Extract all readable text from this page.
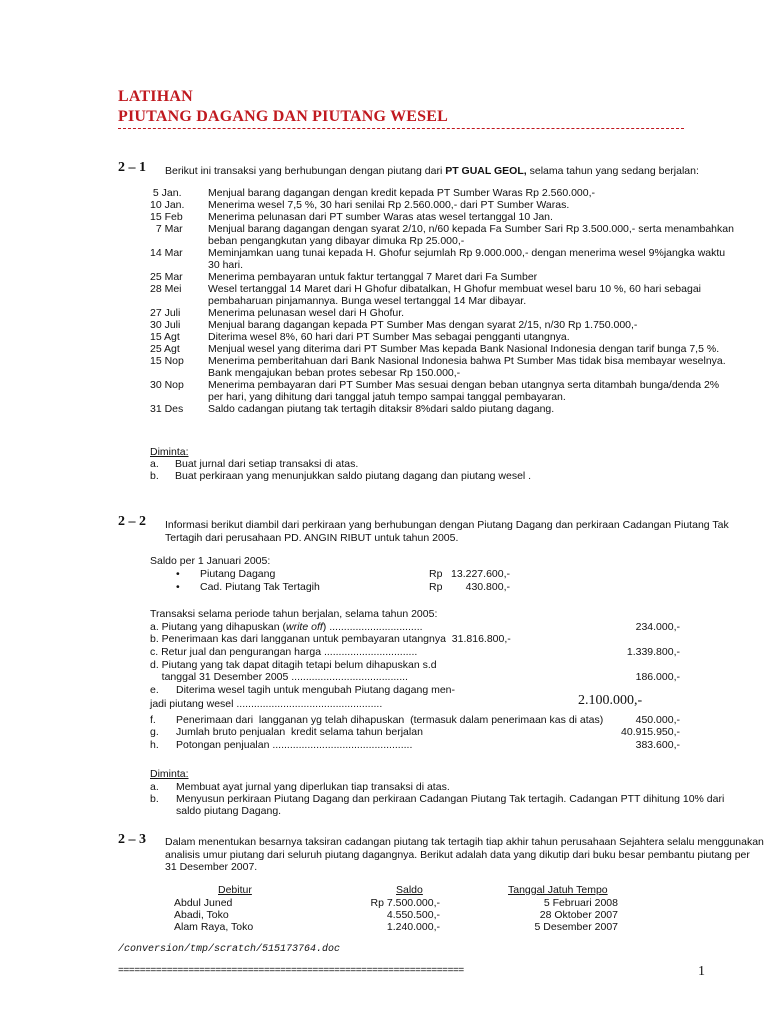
LATIHAN
PIUTANG DAGANG DAN PIUTANG WESEL
2 – 1 Berikut ini transaksi yang berhubungan dengan piutang dari PT GUAL GEOL, selama tahun yang sedang berjalan:
5 Jan.	Menjual barang dagangan dengan kredit kepada PT Sumber Waras Rp 2.560.000,-
10 Jan. Menerima wesel 7,5 %, 30 hari senilai Rp 2.560.000,- dari PT Sumber Waras.
15 Feb Menerima pelunasan dari PT sumber Waras atas wesel tertanggal 10 Jan.
7 Mar Menjual barang dagangan dengan syarat 2/10, n/60 kepada Fa Sumber Sari Rp 3.500.000,- serta menambahkan
beban pengangkutan yang dibayar dimuka Rp 25.000,-
14 Mar Meminjamkan uang tunai kepada H. Ghofur sejumlah Rp 9.000.000,- dengan menerima wesel 9%jangka waktu
30 hari.
25 Mar Menerima pembayaran untuk faktur tertanggal 7 Maret dari Fa Sumber
28 Mei	Wesel tertanggal 14 Maret dari H Ghofur dibatalkan, H Ghofur membuat wesel baru 10 %, 60 hari sebagai
pembaharuan pinjamannya. Bunga wesel tertanggal 14 Mar dibayar.
27 Juli	Menerima pelunasan wesel dari H Ghofur.
30 Juli	Menjual barang dagangan kepada PT Sumber Mas dengan syarat 2/15, n/30 Rp 1.750.000,-
15 Agt	Diterima wesel 8%, 60 hari dari PT Sumber Mas sebagai pengganti utangnya.
25 Agt	Menjual wesel yang diterima dari PT Sumber Mas kepada Bank Nasional Indonesia dengan tarif bunga 7,5 %.
15 Nop Menerima pemberitahuan dari Bank Nasional Indonesia bahwa Pt Sumber Mas tidak bisa membayar weselnya.
Bank mengajukan beban protes sebesar Rp 150.000,-
30 Nop Menerima pembayaran dari PT Sumber Mas sesuai dengan beban utangnya serta ditambah bunga/denda 2%
per hari, yang dihitung dari tanggal jatuh tempo sampai tanggal pembayaran.
31 Des Saldo cadangan piutang tak tertagih ditaksir 8%dari saldo piutang dagang.
Diminta:
a. Buat jurnal dari setiap transaksi di atas.
b. Buat perkiraan yang menunjukkan saldo piutang dagang dan piutang wesel .
2 – 2 Informasi berikut diambil dari perkiraan yang berhubungan dengan Piutang Dagang dan perkiraan Cadangan Piutang Tak
Tertagih dari perusahaan PD. ANGIN RIBUT untuk tahun 2005.
Saldo per 1 Januari 2005:
• Piutang Dagang	Rp 13.227.600,-
• Cad. Piutang Tak Tertagih	Rp	430.800,-
Transaksi selama periode tahun berjalan, selama tahun 2005:
a. Piutang yang dihapuskan (write off) ................................	234.000,-
b. Penerimaan kas dari langganan untuk pembayaran utangnya  31.816.800,-
c. Retur jual dan pengurangan harga ................................	1.339.800,-
d. Piutang yang tak dapat ditagih tetapi belum dihapuskan s.d
tanggal 31 Desember 2005 ........................................	186.000,-
e. Diterima wesel tagih untuk mengubah Piutang dagang men-
jadi piutang wesel ..................................................	2.100.000,-
f. Penerimaan dari  langganan yg telah dihapuskan  (termasuk dalam penerimaan kas di atas)	450.000,-
g. Jumlah bruto penjualan  kredit selama tahun berjalan	40.915.950,-
h. Potongan penjualan ................................................	383.600,-
Diminta:
a. Membuat ayat jurnal yang diperlukan tiap transaksi di atas.
b. Menyusun perkiraan Piutang Dagang dan perkiraan Cadangan Piutang Tak tertagih. Cadangan PTT dihitung 10% dari
saldo piutang Dagang.
2 – 3 Dalam menentukan besarnya taksiran cadangan piutang tak tertagih tiap akhir tahun perusahaan Sejahtera selalu menggunakan
analisis umur piutang dari seluruh piutang dagangnya. Berikut adalah data yang dikutip dari buku besar pembantu piutang per
31 Desember 2007.
Debitur	Saldo	Tanggal Jatuh Tempo
Abdul Juned	Rp 7.500.000,-	5 Februari 2008
Abadi, Toko	4.550.500,-	28 Oktober 2007
Alam Raya, Toko	1.240.000,-	5 Desember 2007
/conversion/tmp/scratch/515173764.doc
================================================================	1
